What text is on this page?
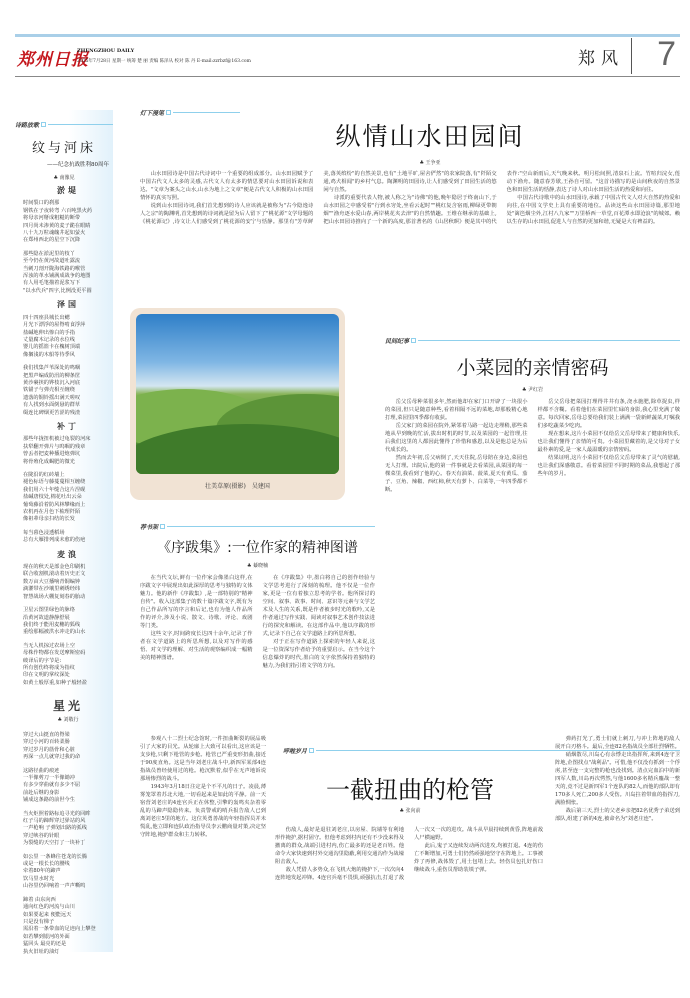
郑州日报
ZHENGZHOU DAILY
2025年7月28日 星期一 统筹 楚 丽 责编 陈泽从 校对 陈 丹 E-mail:zzrbzf@163.com	郑风 7
诗路放歌
纹与河床
——纪念抗战胜利80周年
♣ 南豫见
淤堤

时间裂口的刹那
钢铁在子夜转弯 六百吨黑火药
将母亲河掰成粗糙的断带
四月尚未渗黄的麦子跪在眼睛
八十九万粒魂魄井起如萤火
在郑州西北的星空下沉降

那些隐在淤泥里的枝丫
至今仍在黄河故道吐露流
当刺刀剖开陇海铁路的喉管
浑浊的革水铺满成战争的地图
有人用毛笔描着泥浆写下
"以水代兵"四字,比例没更平圆

泽国

四十四座县城长出鳃
月光下漂浮的屋脊啃食浮萍
盐碱地伸出惨白的手指
丈量腐木记录的水位线
婴儿的摇篮卡在槐树顶端
像搁浅的木船等待季风

我们找集芦苇深处的鸣咽
把黑声编成防汛的柳条筐
黄沙裹挟的铧枝沉入河底
铁锚子与弹壳相互缠绕
遗落的铜铃摇出满天嗟叹
有人找到水面倒悬的群草
缀连比碑烟更苦涩的残渣

补丁

那些年拢扭机被过龟裂的河床
扶犁翻开弹片与呜咽的残章
曾丢者把麦种播进炮弹坑
将骨殖化成蝎肥的微光

在陇沿的红砖墙上
褪色标语与藤蔓蔓相互缠绕
我们用六十年缝合这片涅砚
盐碱唐枝处,棉花吐出云朵
葡萄藤沿着防风林攀缘而上
农机再在月色下梳理阡陌
像祖辈母亲扫结的长发

每当暮色浸透稻场
总有大雁排列成未愈的伤疤

麦浪

现在的秋天是部金色印刷机
联合收割机滚动着历史正文
数万亩大豆播响青铜编钟
滴灌带在沙壤里刺绣经纬
智慧战场大棚复刻春的胎动

卫星云图里绿色的脉络
沿黄河故道静静舒展
我们终于能用麦穗的狐线
重绘那幅被洪水冲走的山水

当无人机掠过农场上空
母株作物都在发送摩斯密码
破译后的字节是:
所有创伤终将成为指纹
印在文明的掌纹深处
如黄土般厚重,如种子般轻盈

星光
♣ 刘敬行

穿过大山挺直的脊梁
穿过小河的百转柔肠
穿过岁月的筋骨和心脏
再深一点儿就穿过我的命

这路径曲的痕迹
一半像剪刀一半像锄冲
有多少穿曲就有多少不屈
前赴后继的身影
铺成这条路的前世今生

当火炬照着路标追寻光的回眸
红子马的蹄辉穿过驿站的风
一声枪响 子弹划出路的弧线
穿过峡谷的针眼
为裂缝的天空打了一块补丁

如公里 一条蜂往苍龙的长腾
或是一根长长的腰线
牵着80年的蹄声
饮马里水时光
山谷里仍回响着一声声嘶鸣

蹄着 由东向西
通向红色的河流与山川
如果要起来 便能远天
只是没有梯子
需沿着一条带血的足迹向上攀登
如若攀到银河的外面
猛回头 最亮的还是
执火旧址的油灯

灯下漫笔
纵情山水田园间
♣ 王争亚

山水田园诗是中国古代诗词中一个重要的组成部分。山水田园赋予了中国古代文人太多的灵感,古代文人有太多的情思要对山水田园诉说和表达。"文章为案头之山水,山水为地上之文章"便是古代文人积极的山水田园情怀的真实写照。

说到山水田园诗词,我们首先想到的诗人应该就是被称为"古今隐逸诗人之宗"的陶渊明,首先想到的诗词就是留为后人留下了"桃花源"文学母题的《桃花源记》,诗文让人们感受到了桃花源的安宁与恬静。那里有"芳草鲜美,落英缤纷"的自然美景,也有"土地平旷,屋舍俨然"的农家院落,有"阡陌交通,鸡犬相闻"的乡村气息。陶渊明的田园诗,让人们感受到了田园生活的悠闲与自然。

诗派的重要代表人物,被人称之为"诗佛"的他,晚年隐居于终南山下,于山水田园之中感受着"行到水穷处,坐看云起时""桃红复含宿雨,柳绿更带朝烟""渔舟逐水爱山春,两岸桃花夹去津"的自然情趣。王维在继承的基础上,把山水田园诗推向了一个新的高度,那首著名的《山居秋暝》便是其中的代表作:"空山新雨后,天气晚来秋。明月松间照,清泉石上流。竹喧归浣女,莲动下渔舟。随意春芳歇,王孙自可留。"这首诗描写的是山间秋夜的自然景色和田园生活的恬静,表达了诗人对山水田园生活的热爱和向往。

中国古代诗歌中的山水田园诗,承载了中国古代文人对大自然的热爱和向往,在中国文学史上具有重要的地位。品读这些山水田园诗篇,那里地处"篱笆烟尘外,江村八九家""万里桥西一草堂,百花潭水即沧浪"的城郊。赖以生存的山水田园,促进人与自然的更加和谐,无疑是大有裨益的。

壮美草原(摄影)　吴建国
民间纪事
小菜园的亲情密码
♣ 尹红岩

岳父岳母种菜很多年,然而他却在家门口开辟了一块很小的菜园,但只是随意种些,看着相隔不远的菜地,却那般精心地打理,菜园里四季都有收获。

岳父家门的菜园在院外,紧邻着马路一起边走埋稍,那些菜地从早到晚的忙活,拔出时机的时节,以及菜园的一起管理,往后我们这里的人都因此懂得了珍惜和感恩,以及是他总是为后代成长的。

然而去年初,岳父病倒了,天天住院,岳母陪在身边,菜园也无人打理。出院后,他的第一件事就是去看菜园,从菜园的每一棵菜里,我看到了他的心。春天有油菜、菠菜,夏天有黄瓜、茄子、豆角、辣椒、西红柿,秋天有萝卜、白菜等,一年四季都不断。

岳父岳母把菜园打理得井井有条,浇水施肥,除草捉虫,样样都不含糊。看着他们在菜园里忙碌的身影,我心里充满了敬意。每次回家,岳母总要给我们装上满满一袋新鲜蔬菜,叮嘱我们多吃蔬菜少吃肉。

现在想来,这片小菜园不仅给岳父岳母带来了健康和快乐,也让我们懂得了亲情的可贵。小菜园里藏着的,是父母对子女最朴素的爱,是一家人最温暖的亲情密码。

结果证明,这片小菜园不仅给岳父岳母带来了灵气的慰藉,也让我们深感敬意。看着菜园里不同时期的菜品,我想起了那些年的岁月。

荐书架
《序跋集》:一位作家的精神图谱
♣ 綦晓楠

在当代文坛,鲜有一位作家会像墨白这样,在序跋文字中展现出如此深厚的思考与独特的文体魅力。他的新作《序跋集》,是一部特别的"精神自传"。收入这部集子的数十篇序跋文字,既有为自己作品所写的序言和后记,也有为他人作品所作的评介,涉及小说、散文、诗歌、评论、戏剧等门类。

这些文字,时间跨度长达四十余年,记录了作者在文学道路上的所思所想,以及对写作的感悟、对文学的理解、对生活的观察编织成一幅精美的精神图谱。

在《序跋集》中,墨白将自己的创作经验与文学思考进行了深刻的梳理。他不仅是一位作家,更是一位有着独立思考的学者。他所探讨的空间、叙事、故事、时间、意识等元素与文学艺术及人生的关系,既是作者被步时光的歌吟,又是作者通过写作实践、阅读对叙事艺术创作技法进行的探究和解读。在这部作品中,他以序跋的形式,记录下自己在文学道路上的所思所想。

对于正在写作道路上探索的年轻人来说,这是一位资深写作者给予的重要启示。在当今这个信息爆炸的时代,墨白的文字依然保持着独特的魅力,为我们指引着文学的方向。

呼啦岁月
一截扭曲的枪管
♣ 张向前

参观八十二烈士纪念馆时,一件扭曲断裂的展品吸引了大家的目光。从轮廓上大致可以看出,这应该是一支步枪,只剩下枪管的步枪。枪管已严重变形扭曲,接近于90度直角。这是当年刘老庄战斗中,新四军某部4连指战员曾经使用过的枪。枪沉默着,似乎在无声地诉说那场惨烈的战斗。

1943年3月18日注定是个不平凡的日子。凌晨,薄雾笼罩着苏北大地,一切看起来是如此的平静。前一天宿营刘老庄的4连官兵正在休整,引擎的轰鸣夹杂着零乱的马蹄声隐隐传来。负责警戒的哨兵报告敌人已到离刘老庄5里的地方。这位英勇善战的年轻指挥员并未慌乱,他立即和连队政治指导员李云鹏商量对策,决定坚守阵地,掩护群众和主力转移。

伤敌人,最好是退驻刘老庄,以房屋、院墙等有利地形作掩护,据村固守。但他考虑到村内还有不少没来得及撤离的群众,战端引进村内,伤亡最多的还是老百姓。他命令大家快速到村外交通沟里隐蔽,利用交通沟作为战壕阻击敌人。

敌人凭借人多势众,在飞机大炮的掩护下,一次次向4连阵地发起冲锋。4连官兵毫不畏惧,顽强抗击,打退了敌人一次又一次的进攻。战斗从早晨持续到黄昏,阵地前敌人尸横遍野。

此后,鬼子又连续发动两次进攻,均被打退。4连的伤亡不断增加,可勇士们仍然顽强地坚守在阵地上。工事被炸了再修,战体毁了,用土包堵上去。轻伤员包扎好伤口继续战斗,重伤员帮助装填子弹。

弹药打光了,勇士们就上刺刀,与冲上阵地的敌人展开白刃格斗。最后,全连82名指战员全部壮烈牺牲。

硝烟散尽,川岛心有余悸走出指挥所,来到4连守卫阵地,企图找点"战利品"。可惜,他不仅没有抓到一个俘虏,甚至连一支完整的枪也没找到。清点完血泊中的新四军人数,川岛再次愕然,与他1600多名精兵鏖战一整天的,竟不过是新四军1个连队的82人,而他的部队却有170多人死亡,200多人受伤。川岛拄着带血的指挥刀,满脸惆怅。

战后第三天,烈士的父老乡亲把82名优秀子弟送到部队,组建了新的4连,被命名为"刘老庄连"。
